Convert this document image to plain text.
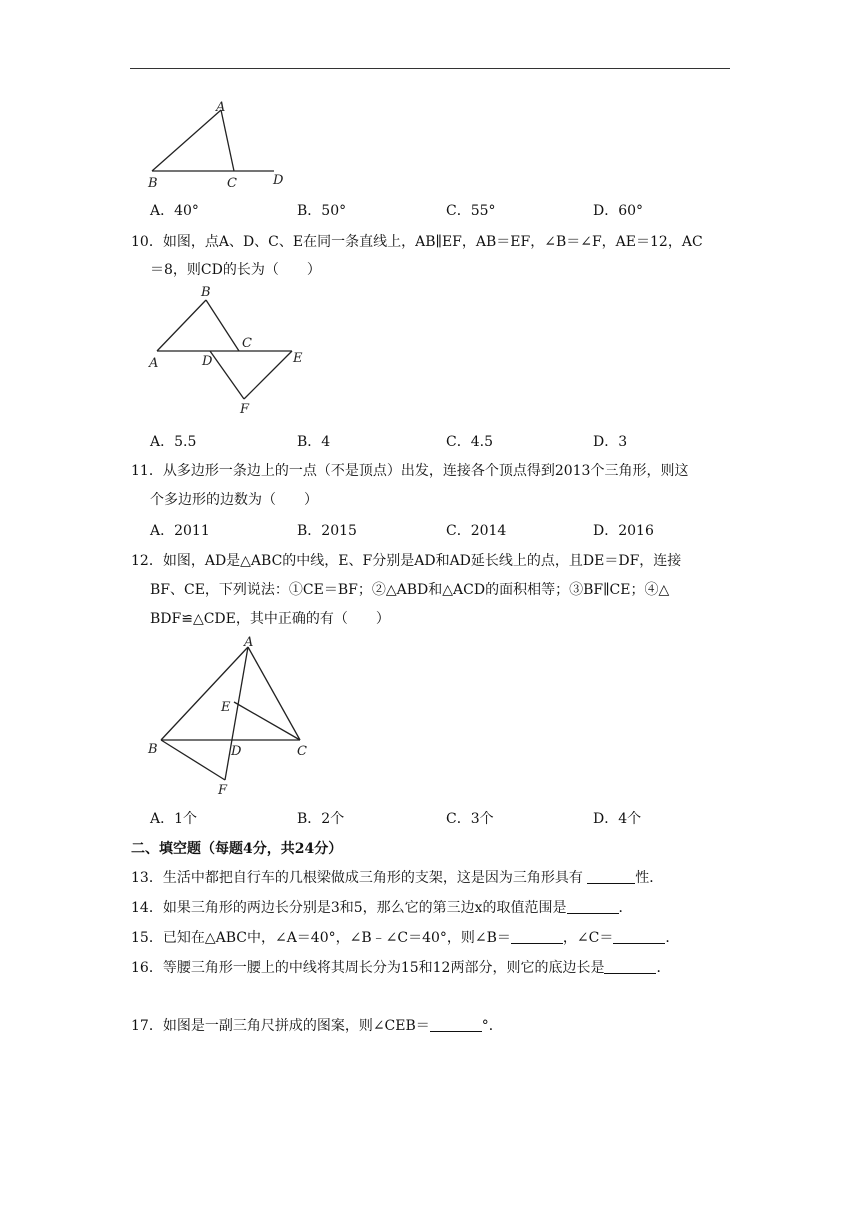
A
B	C	D
A．40°	B．50°	C．55°	D．60°
10．如图，点A、D、C、E在同一条直线上，AB∥EF，AB＝EF，∠B＝∠F，AE＝12，AC
＝8，则CD的长为（　　）
B
C
A	D	E
F
A．5.5	B．4	C．4.5	D．3
11．从多边形一条边上的一点（不是顶点）出发，连接各个顶点得到2013个三角形，则这
个多边形的边数为（　　）
A．2011	B．2015	C．2014	D．2016
12．如图，AD是△ABC的中线，E、F分别是AD和AD延长线上的点，且DE＝DF，连接
BF、CE，下列说法：①CE＝BF；②△ABD和△ACD的面积相等；③BF∥CE；④△
BDF≌△CDE，其中正确的有（　　）
A
E
B	D	C
F
A．1个	B．2个	C．3个	D．4个
二、填空题（每题4分，共24分）
13．生活中都把自行车的几根梁做成三角形的支架，这是因为三角形具有	性．
14．如果三角形的两边长分别是3和5，那么它的第三边x的取值范围是	．
15．已知在△ABC中，∠A＝40°，∠B﹣∠C＝40°，则∠B＝	，∠C＝	．
16．等腰三角形一腰上的中线将其周长分为15和12两部分，则它的底边长是	．
17．如图是一副三角尺拼成的图案，则∠CEB＝	°．
